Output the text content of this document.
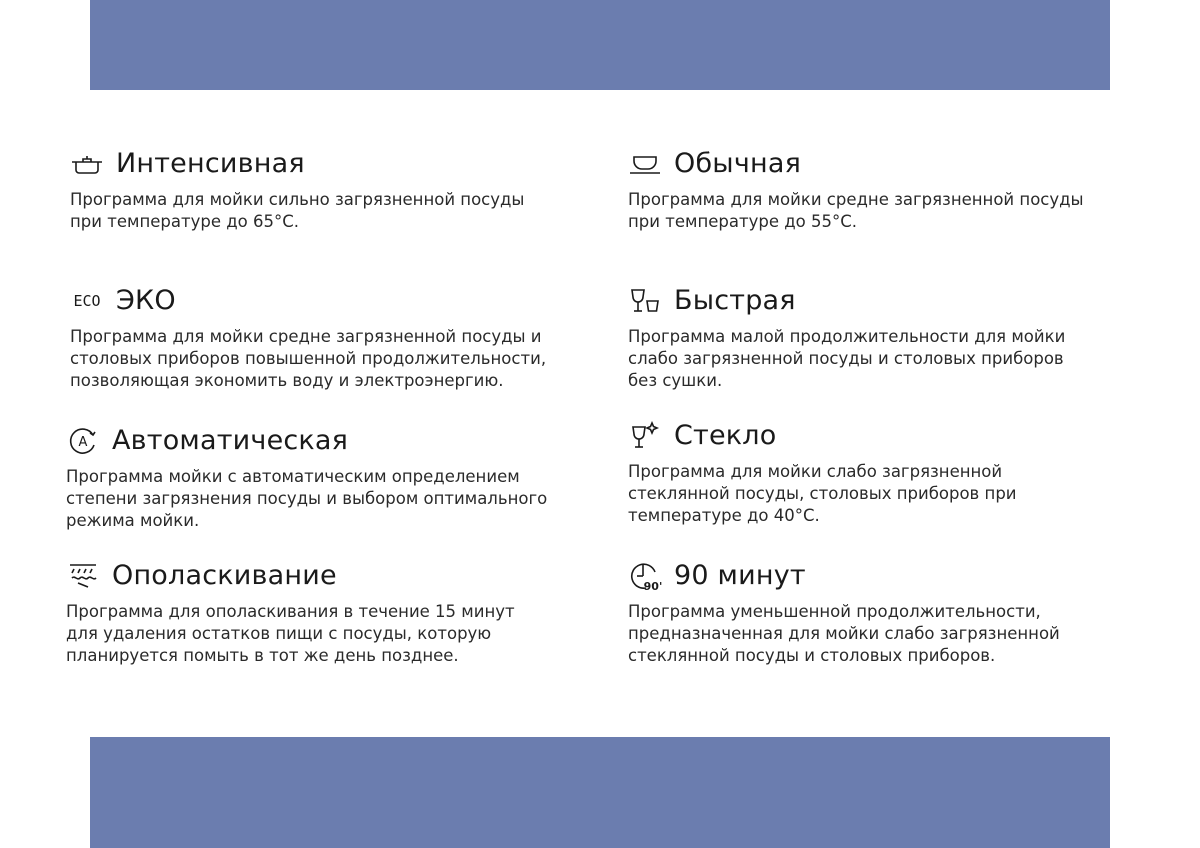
Интенсивная
Программа для мойки сильно загрязненной посуды
при температуре до 65°С.
Обычная
Программа для мойки средне загрязненной посуды
при температуре до 55°С.
ECO ЭКО
Программа для мойки средне загрязненной посуды и
столовых приборов повышенной продолжительности,
позволяющая экономить воду и электроэнергию.
Быстрая
Программа малой продолжительности для мойки
слабо загрязненной посуды и столовых приборов
без сушки.
A Автоматическая
Программа мойки с автоматическим определением
степени загрязнения посуды и выбором оптимального
режима мойки.
Стекло
Программа для мойки слабо загрязненной
стеклянной посуды, столовых приборов при
температуре до 40°С.
Ополаскивание
Программа для ополаскивания в течение 15 минут
для удаления остатков пищи с посуды, которую
планируется помыть в тот же день позднее.
90' 90 минут
Программа уменьшенной продолжительности,
предназначенная для мойки слабо загрязненной
стеклянной посуды и столовых приборов.
